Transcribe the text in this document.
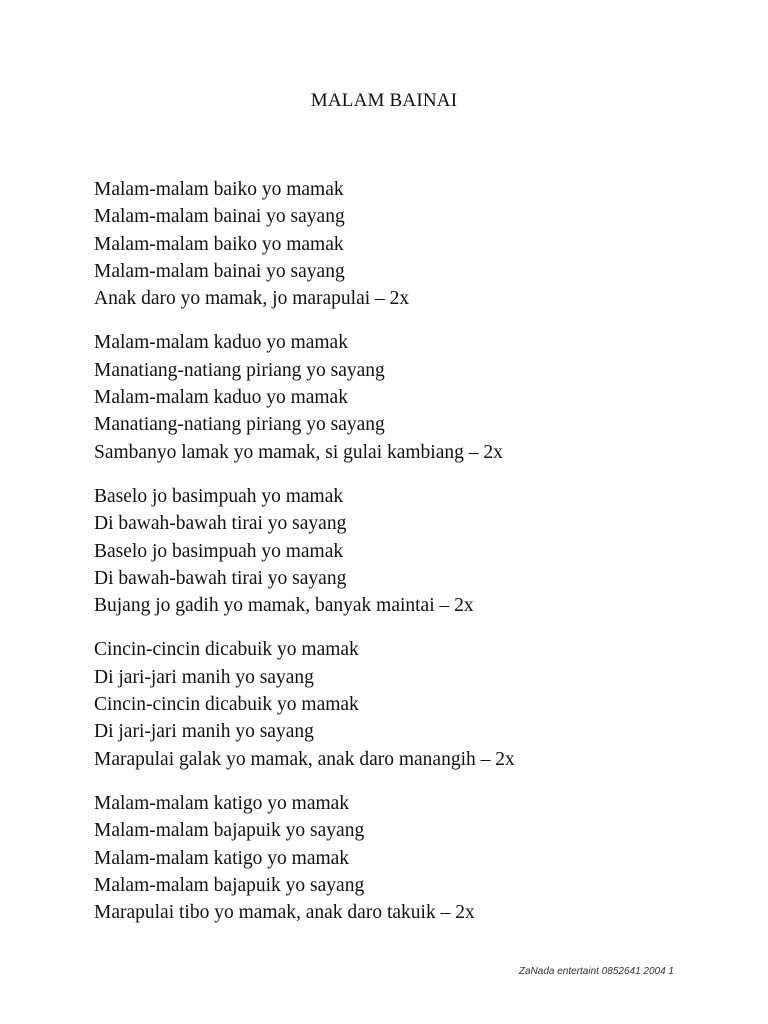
MALAM BAINAI
Malam-malam baiko yo mamak
Malam-malam bainai yo sayang
Malam-malam baiko yo mamak
Malam-malam bainai yo sayang
Anak daro yo mamak, jo marapulai – 2x
Malam-malam kaduo yo mamak
Manatiang-natiang piriang yo sayang
Malam-malam kaduo yo mamak
Manatiang-natiang piriang yo sayang
Sambanyo lamak yo mamak, si gulai kambiang – 2x
Baselo jo basimpuah yo mamak
Di bawah-bawah tirai yo sayang
Baselo jo basimpuah yo mamak
Di bawah-bawah tirai yo sayang
Bujang jo gadih yo mamak, banyak maintai – 2x
Cincin-cincin dicabuik yo mamak
Di jari-jari manih yo sayang
Cincin-cincin dicabuik yo mamak
Di jari-jari manih yo sayang
Marapulai galak yo mamak, anak daro manangih – 2x
Malam-malam katigo yo mamak
Malam-malam bajapuik yo sayang
Malam-malam katigo yo mamak
Malam-malam bajapuik yo sayang
Marapulai tibo yo mamak, anak daro takuik – 2x
ZaNada entertaint 0852641 2004 1
